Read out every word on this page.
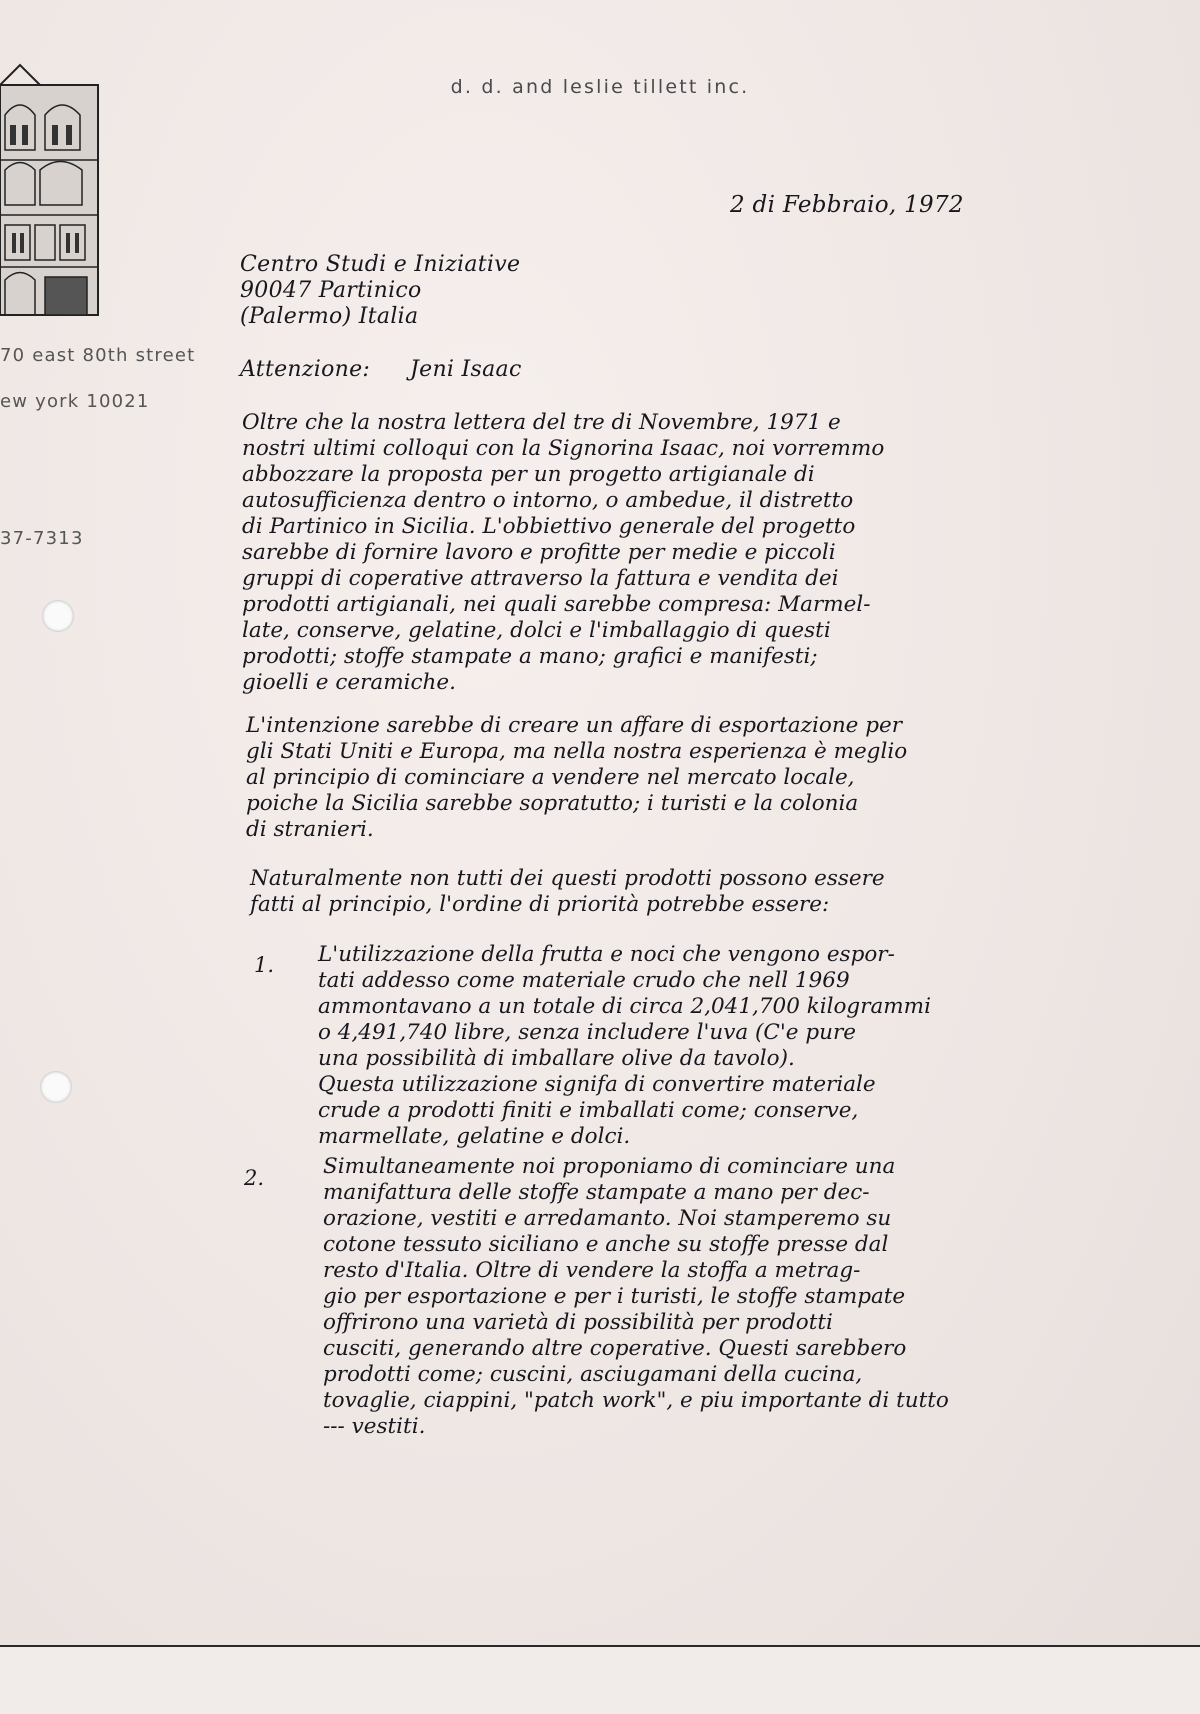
d. d. and leslie tillett inc.
70 east 80th street
ew york 10021
37-7313
2 di Febbraio, 1972
Centro Studi e Iniziative
90047 Partinico
(Palermo) Italia
Attenzione: Jeni Isaac
Oltre che la nostra lettera del tre di Novembre, 1971 e
nostri ultimi colloqui con la Signorina Isaac, noi vorremmo
abbozzare la proposta per un progetto artigianale di
autosufficienza dentro o intorno, o ambedue, il distretto
di Partinico in Sicilia. L'obbiettivo generale del progetto
sarebbe di fornire lavoro e profitte per medie e piccoli
gruppi di coperative attraverso la fattura e vendita dei
prodotti artigianali, nei quali sarebbe compresa: Marmel-
late, conserve, gelatine, dolci e l'imballaggio di questi
prodotti; stoffe stampate a mano; grafici e manifesti;
gioelli e ceramiche.
L'intenzione sarebbe di creare un affare di esportazione per
gli Stati Uniti e Europa, ma nella nostra esperienza è meglio
al principio di cominciare a vendere nel mercato locale,
poiche la Sicilia sarebbe sopratutto; i turisti e la colonia
di stranieri.
Naturalmente non tutti dei questi prodotti possono essere
fatti al principio, l'ordine di priorità potrebbe essere:
1. L'utilizzazione della frutta e noci che vengono espor-
tati addesso come materiale crudo che nell 1969
ammontavano a un totale di circa 2,041,700 kilogrammi
o 4,491,740 libre, senza includere l'uva (C'e pure
una possibilità di imballare olive da tavolo).
Questa utilizzazione signifa di convertire materiale
crude a prodotti finiti e imballati come; conserve,
marmellate, gelatine e dolci.
2.	Simultaneamente noi proponiamo di cominciare una
manifattura delle stoffe stampate a mano per dec-
orazione, vestiti e arredamanto. Noi stamperemo su
cotone tessuto siciliano e anche su stoffe presse dal
resto d'Italia. Oltre di vendere la stoffa a metrag-
gio per esportazione e per i turisti, le stoffe stampate
offrirono una varietà di possibilità per prodotti
cusciti, generando altre coperative. Questi sarebbero
prodotti come; cuscini, asciugamani della cucina,
tovaglie, ciappini, "patch work", e piu importante di tutto
--- vestiti.
